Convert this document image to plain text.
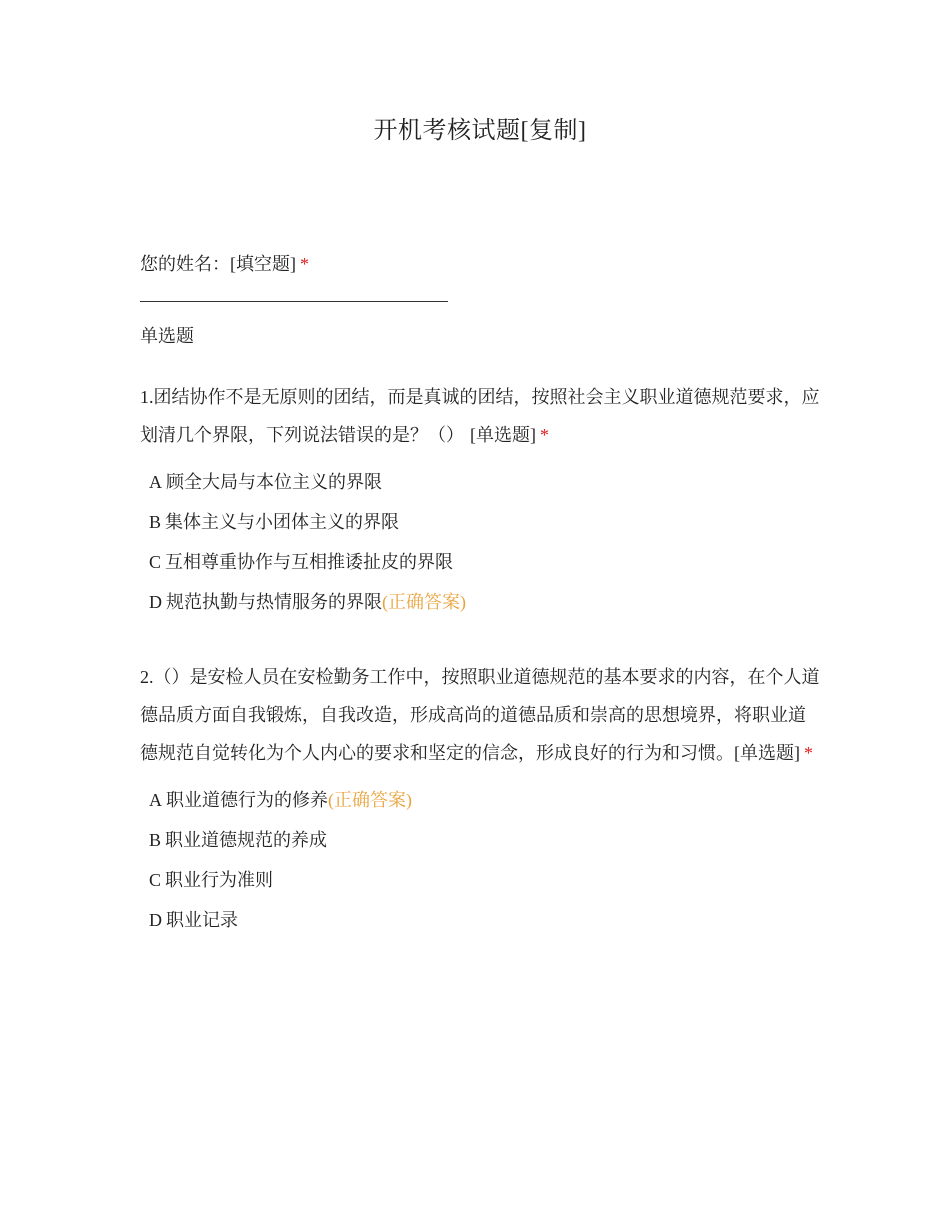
开机考核试题[复制]
您的姓名：[填空题] *
单选题
1.团结协作不是无原则的团结，而是真诚的团结，按照社会主义职业道德规范要求，应划清几个界限，下列说法错误的是？（） [单选题] *
A 顾全大局与本位主义的界限
B 集体主义与小团体主义的界限
C 互相尊重协作与互相推诿扯皮的界限
D 规范执勤与热情服务的界限(正确答案)
2.（）是安检人员在安检勤务工作中，按照职业道德规范的基本要求的内容，在个人道德品质方面自我锻炼，自我改造，形成高尚的道德品质和崇高的思想境界，将职业道德规范自觉转化为个人内心的要求和坚定的信念，形成良好的行为和习惯。[单选题] *
A 职业道德行为的修养(正确答案)
B 职业道德规范的养成
C 职业行为准则
D 职业记录
